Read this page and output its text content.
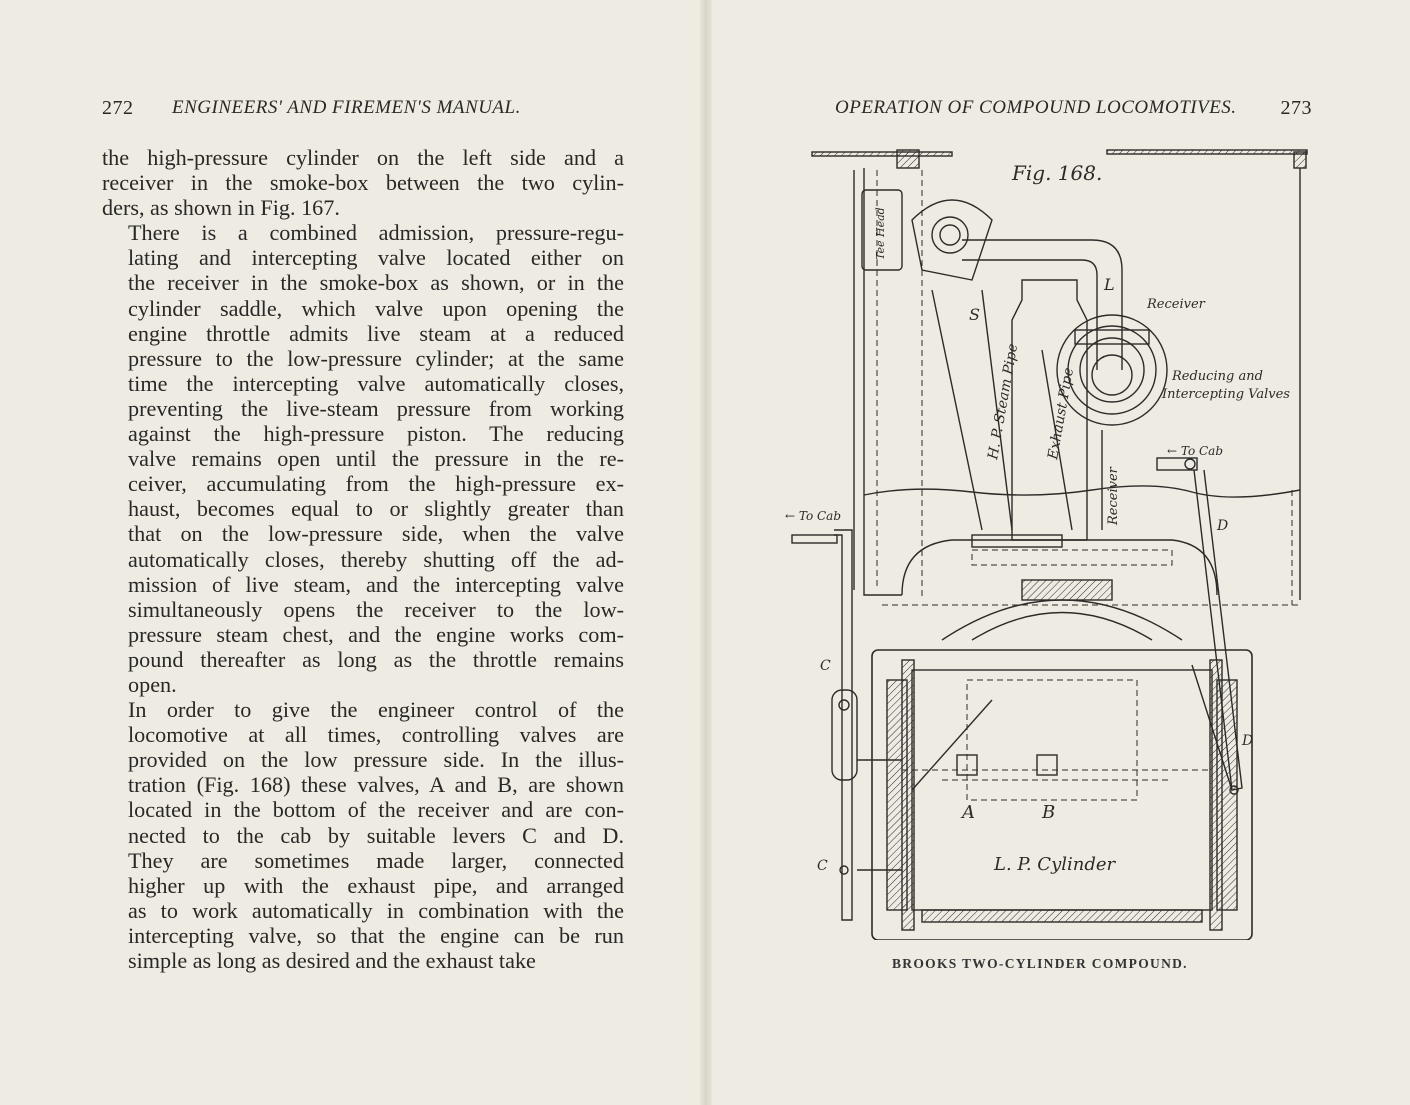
272 ENGINEERS' AND FIREMEN'S MANUAL.

the high-pressure cylinder on the left side and a
receiver in the smoke-box between the two cylin-
ders, as shown in Fig. 167.

There is a combined admission, pressure-regu-
lating and intercepting valve located either on
the receiver in the smoke-box as shown, or in the
cylinder saddle, which valve upon opening the
engine throttle admits live steam at a reduced
pressure to the low-pressure cylinder; at the same
time the intercepting valve automatically closes,
preventing the live-steam pressure from working
against the high-pressure piston. The reducing
valve remains open until the pressure in the re-
ceiver, accumulating from the high-pressure ex-
haust, becomes equal to or slightly greater than
that on the low-pressure side, when the valve
automatically closes, thereby shutting off the ad-
mission of live steam, and the intercepting valve
simultaneously opens the receiver to the low-
pressure steam chest, and the engine works com-
pound thereafter as long as the throttle remains
open.

In order to give the engineer control of the
locomotive at all times, controlling valves are
provided on the low pressure side. In the illus-
tration (Fig. 168) these valves, A and B, are shown
located in the bottom of the receiver and are con-
nected to the cab by suitable levers C and D.
They are sometimes made larger, connected
higher up with the exhaust pipe, and arranged
as to work automatically in combination with the
intercepting valve, so that the engine can be run
simple as long as desired and the exhaust take

OPERATION OF COMPOUND LOCOMOTIVES. 273
Fig. 168.
Tee Head
S
L
Receiver
Reducing and
Intercepting Valves
H. P. Steam Pipe Exhaust Pipe
Receiver
← To Cab
← To Cab
D
D
C
C
A	B
L. P. Cylinder
BROOKS TWO-CYLINDER COMPOUND.
